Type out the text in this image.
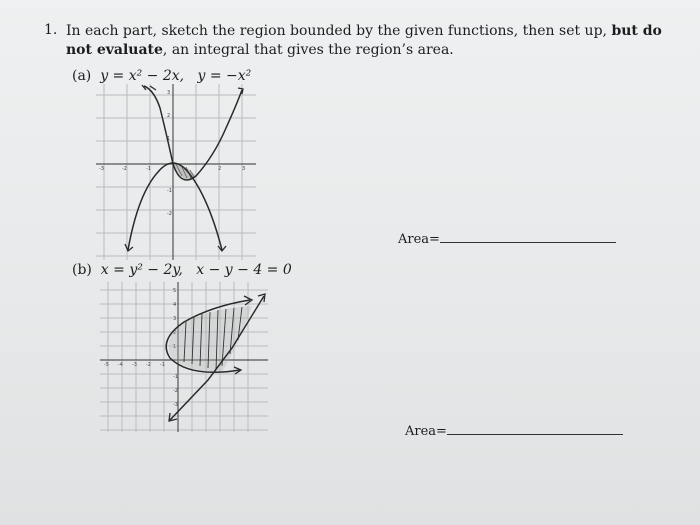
1. In each part, sketch the region bounded by the given functions, then set up, but do not evaluate, an integral that gives the region’s area.
(a) y = x² − 2x, y = −x²
-3	-2	-1	2	3
3
2
1
-1
-2
Area=
(b) x = y² − 2y, x − y − 4 = 0
-5 -4 -3 -2 -1
5
4
3
2
1
-1
-2
-3
Area=
